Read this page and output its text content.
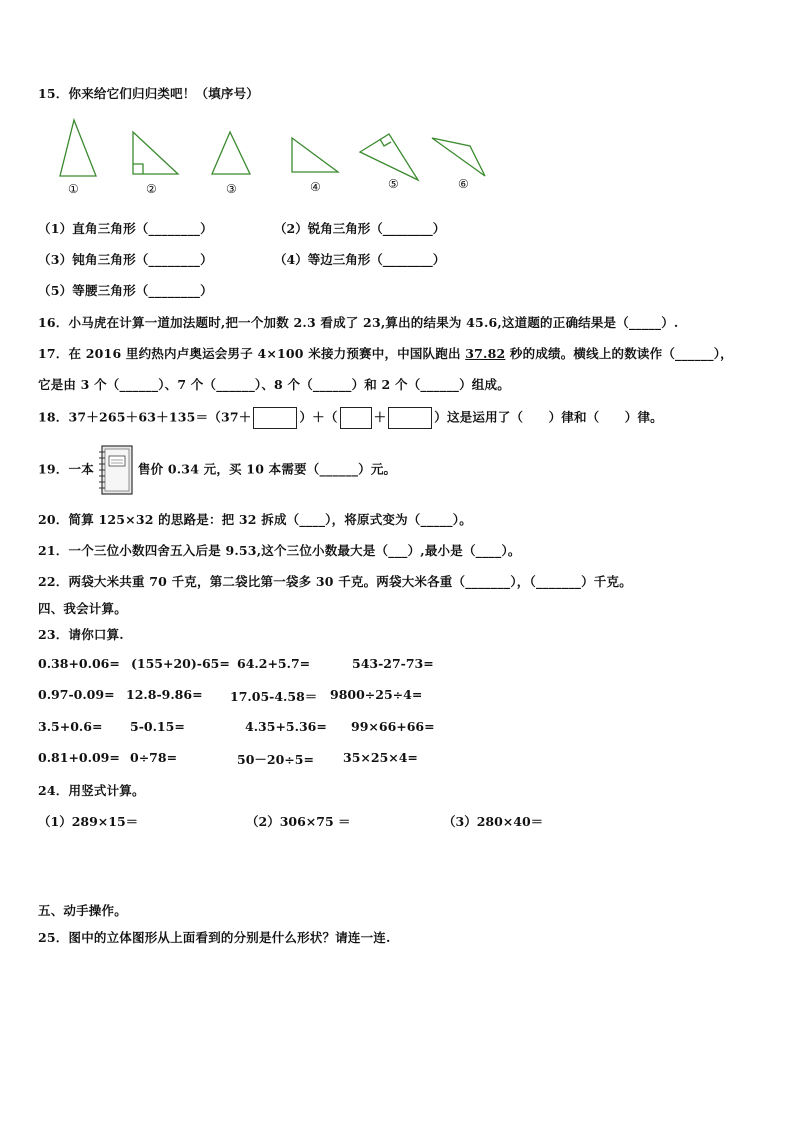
15．你来给它们归归类吧！（填序号）
①	②	③	④	⑤	⑥
（1）直角三角形（________）	（2）锐角三角形（________）
（3）钝角三角形（________）	（4）等边三角形（________）
（5）等腰三角形（________）
16．小马虎在计算一道加法题时,把一个加数 2.3 看成了 23,算出的结果为 45.6,这道题的正确结果是（_____）.
17．在 2016 里约热内卢奥运会男子 4×100 米接力预赛中，中国队跑出 37.82 秒的成绩。横线上的数读作（______），
它是由 3 个（______）、7 个（______）、8 个（______）和 2 个（______）组成。
18．37＋265＋63＋135＝（37＋	）＋（	＋	）这是运用了（　　）律和（　　）律。
19．一本	售价 0.34 元，买 10 本需要（______）元。
20．简算 125×32 的思路是：把 32 拆成（____），将原式变为（_____）。
21．一个三位小数四舍五入后是 9.53,这个三位小数最大是（___）,最小是（____）。
22．两袋大米共重 70 千克，第二袋比第一袋多 30 千克。两袋大米各重（_______），（_______）千克。
四、我会计算。
23．请你口算.
0.38+0.06= (155+20)-65= 64.2+5.7=	543-27-73=
0.97-0.09= 12.8-9.86= 17.05-4.58＝ 9800÷25÷4=
3.5+0.6= 5-0.15=	4.35+5.36= 99×66+66=
0.81+0.09= 0÷78=	50－20÷5= 35×25×4=
24．用竖式计算。
（1）289×15＝	（2）306×75 ＝	（3）280×40＝
五、动手操作。
25．图中的立体图形从上面看到的分别是什么形状？请连一连.
